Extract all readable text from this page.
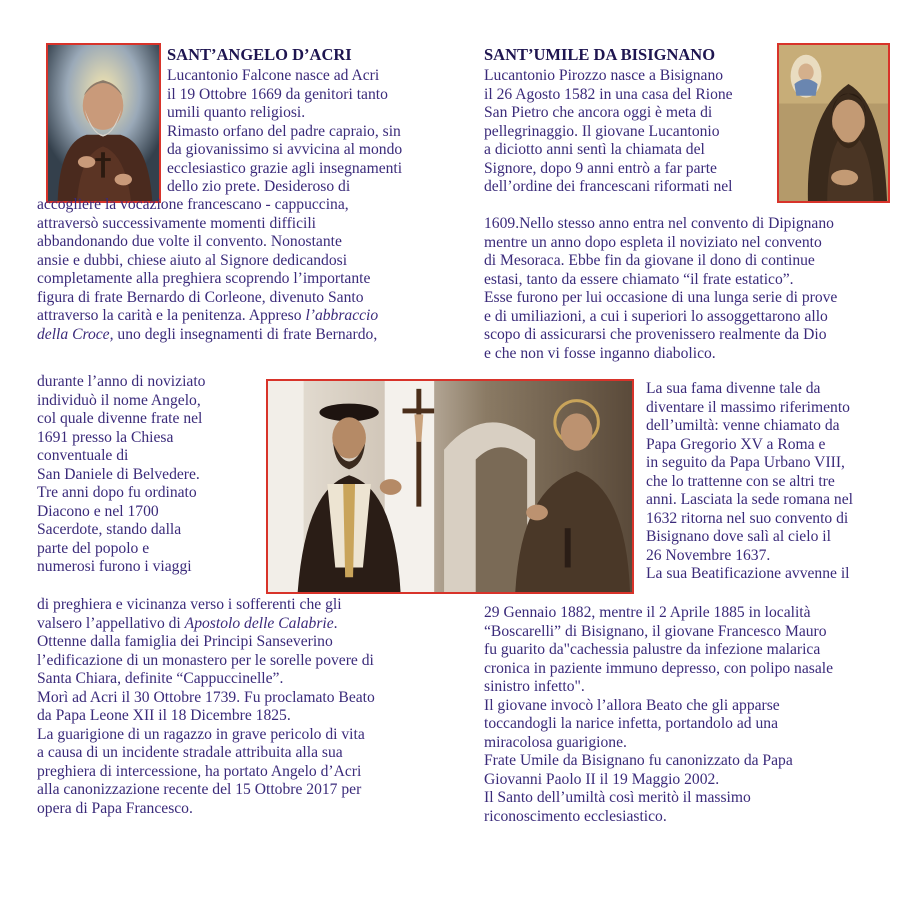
SANT’ANGELO D’ACRI
Lucantonio Falcone nasce ad Acri
il 19 Ottobre 1669 da genitori tanto
umili quanto religiosi.
Rimasto orfano del padre capraio, sin
da giovanissimo si avvicina al mondo
ecclesiastico grazie agli insegnamenti
dello zio prete. Desideroso di
accogliere la vocazione francescano - cappuccina,
attraversò successivamente momenti difficili
abbandonando due volte il convento. Nonostante
ansie e dubbi, chiese aiuto al Signore dedicandosi
completamente alla preghiera scoprendo l’importante
figura di frate Bernardo di Corleone, divenuto Santo
attraverso la carità e la penitenza. Appreso l’abbraccio
della Croce, uno degli insegnamenti di frate Bernardo,
durante l’anno di noviziato
individuò il nome Angelo,
col quale divenne frate nel
1691 presso la Chiesa
conventuale di
San Daniele di Belvedere.
Tre anni dopo fu ordinato
Diacono e nel 1700
Sacerdote, stando dalla
parte del popolo e
numerosi furono i viaggi
di preghiera e vicinanza verso i sofferenti che gli
valsero l’appellativo di Apostolo delle Calabrie.
Ottenne dalla famiglia dei Principi Sanseverino
l’edificazione di un monastero per le sorelle povere di
Santa Chiara, definite “Cappuccinelle”.
Morì ad Acri il 30 Ottobre 1739. Fu proclamato Beato
da Papa Leone XII il 18 Dicembre 1825.
La guarigione di un ragazzo in grave pericolo di vita
a causa di un incidente stradale attribuita alla sua
preghiera di intercessione, ha portato Angelo d’Acri
alla canonizzazione recente del 15 Ottobre 2017 per
opera di Papa Francesco.
SANT’UMILE DA BISIGNANO
Lucantonio Pirozzo nasce a Bisignano
il 26 Agosto 1582 in una casa del Rione
San Pietro che ancora oggi è meta di
pellegrinaggio. Il giovane Lucantonio
a diciotto anni sentì la chiamata del
Signore, dopo 9 anni entrò a far parte
dell’ordine dei francescani riformati nel
1609.Nello stesso anno entra nel convento di Dipignano
mentre un anno dopo espleta il noviziato nel convento
di Mesoraca. Ebbe fin da giovane il dono di continue
estasi, tanto da essere chiamato “il frate estatico”.
Esse furono per lui occasione di una lunga serie di prove
e di umiliazioni, a cui i superiori lo assoggettarono allo
scopo di assicurarsi che provenissero realmente da Dio
e che non vi fosse inganno diabolico.
La sua fama divenne tale da
diventare il massimo riferimento
dell’umiltà: venne chiamato da
Papa Gregorio XV a Roma e
in seguito da Papa Urbano VIII,
che lo trattenne con se altri tre
anni. Lasciata la sede romana nel
1632 ritorna nel suo convento di
Bisignano dove salì al cielo il
26 Novembre 1637.
La sua Beatificazione avvenne il
29 Gennaio 1882, mentre il 2 Aprile 1885 in località
“Boscarelli” di Bisignano, il giovane Francesco Mauro
fu guarito da"cachessia palustre da infezione malarica
cronica in paziente immuno depresso, con polipo nasale
sinistro infetto".
Il giovane invocò l’allora Beato che gli apparse
toccandogli la narice infetta, portandolo ad una
miracolosa guarigione.
Frate Umile da Bisignano fu canonizzato da Papa
Giovanni Paolo II il 19 Maggio 2002.
Il Santo dell’umiltà così meritò il massimo
riconoscimento ecclesiastico.
